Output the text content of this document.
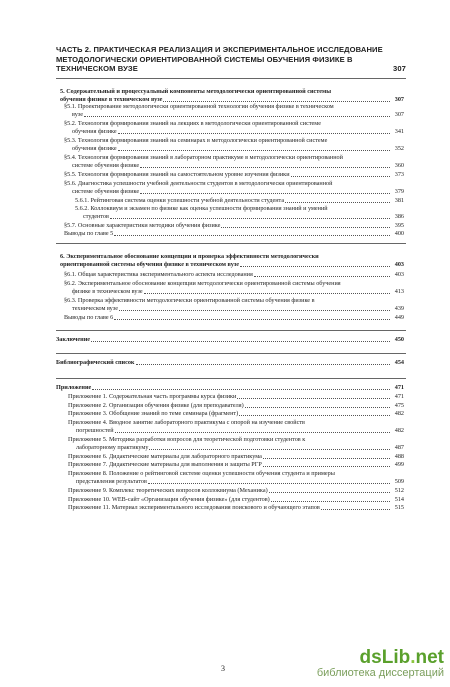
ЧАСТЬ 2. ПРАКТИЧЕСКАЯ РЕАЛИЗАЦИЯ И ЭКСПЕРИМЕНТАЛЬНОЕ ИССЛЕДОВАНИЕ МЕТОДОЛОГИЧЕСКИ ОРИЕНТИРОВАННОЙ СИСТЕМЫ ОБУЧЕНИЯ ФИЗИКЕ В ТЕХНИЧЕСКОМ ВУЗЕ	307
5. Содержательный и процессуальный компоненты методологически ориентированной системы
обучения физике в техническом вузе	307
§5.1. Проектирование методологически ориентированной технологии обучения физике в техническом
вузе	307
§5.2. Технология формирования знаний на лекциях в методологически ориентированной системе
обучения физике	341
§5.3. Технология формирования знаний на семинарах в методологически ориентированной системе
обучения физике	352
§5.4. Технология формирования знаний в лабораторном практикуме в методологически ориентированной
системе обучения физике	360
§5.5. Технология формирования знаний на самостоятельном уровне изучения физики	373
§5.6. Диагностика успешности учебной деятельности студентов в методологически ориентированной
системе обучения физике	379
5.6.1. Рейтинговая система оценки успешности учебной деятельности студента	381
5.6.2. Коллоквиум и экзамен по физике как оценка успешности формирования знаний и умений
студентов	386
§5.7. Основные характеристики методики обучения физике	395
Выводы по главе 5	400
6. Экспериментальное обоснование концепции и проверка эффективности методологически
ориентированной системы обучения физике в техническом вузе	403
§6.1. Общая характеристика экспериментального аспекта исследования	403
§6.2. Экспериментальное обоснование концепции методологически ориентированной системы обучения
физике в техническом вузе	413
§6.3. Проверка эффективности методологически ориентированной системы обучения физике в
техническом вузе	439
Выводы по главе 6	449
Заключение	450
Библиографический список	454
Приложение	471
Приложение 1. Содержательная часть программы курса физики	471
Приложение 2. Организация обучения физике (для преподавателя)	475
Приложение 3. Обобщение знаний по теме семинара (фрагмент)	482
Приложение 4. Вводное занятие лабораторного практикума с опорой на изучение свойств
погрешностей	482
Приложение 5. Методика разработки вопросов для теоретической подготовки студентов к
лабораторному практикуму	487
Приложение 6. Дидактические материалы для лабораторного практикума	488
Приложение 7. Дидактические материалы для выполнения и защиты РГР	499
Приложение 8. Положение о рейтинговой системе оценки успешности обучения студента и примеры
представления результатов	509
Приложение 9. Комплекс теоретических вопросов коллоквиума (Механика)	512
Приложение 10. WEB-сайт «Организация обучения физике» (для студентов)	514
Приложение 11. Материал экспериментального исследования поискового и обучающего этапов	515
3
dsLib.net
библиотека диссертаций
